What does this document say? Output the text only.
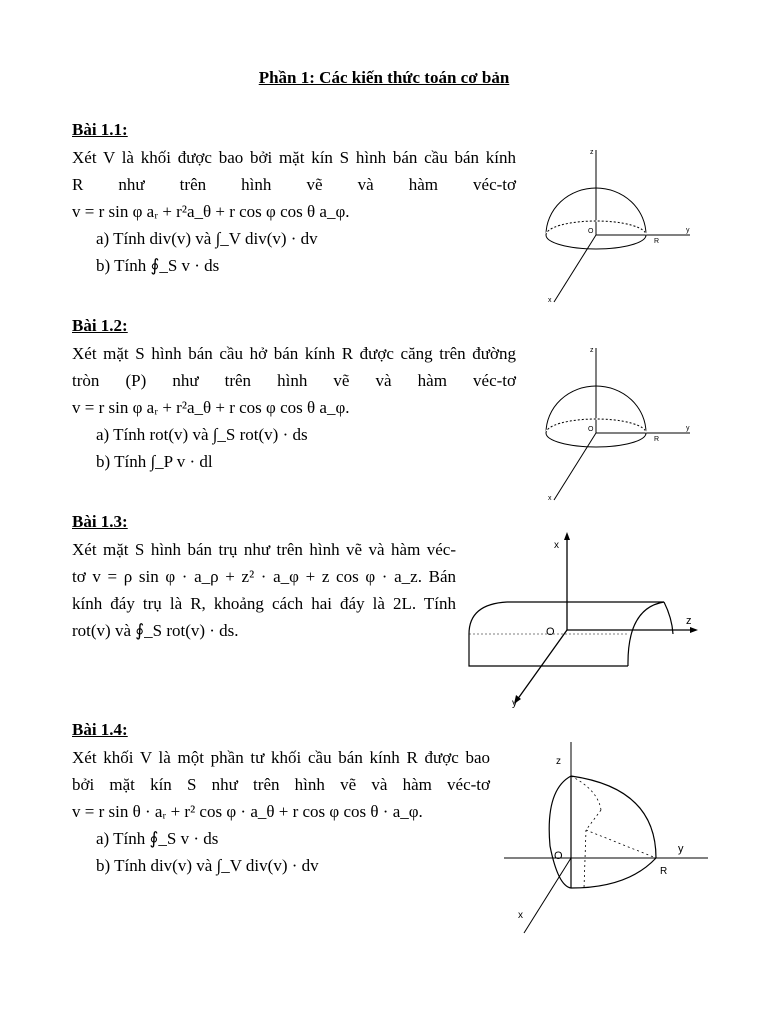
Phần 1: Các kiến thức toán cơ bản
Bài 1.1:
Xét V là khối được bao bởi mặt kín S hình bán cầu bán kính
R như trên hình vẽ và hàm véc-tơ
v = r sin φ aᵣ + r²a_θ + r cos φ cos θ a_φ.
a) Tính div(v) và ∫_V div(v) · dv
b) Tính ∮_S v · ds
z
y
x
O
R
Bài 1.2:
Xét mặt S hình bán cầu hở bán kính R được căng trên đường
tròn (P) như trên hình vẽ và hàm véc-tơ
v = r sin φ aᵣ + r²a_θ + r cos φ cos θ a_φ.
a) Tính rot(v) và ∫_S rot(v) · ds
b) Tính ∫_P v · dl
z
y
x
O
R
Bài 1.3:
Xét mặt S hình bán trụ như trên hình vẽ và hàm véc-
tơ v = ρ sin φ · a_ρ + z² · a_φ + z cos φ · a_z. Bán
kính đáy trụ là R, khoảng cách hai đáy là 2L. Tính
rot(v) và ∮_S rot(v) · ds.
x
z
y
O
Bài 1.4:
Xét khối V là một phần tư khối cầu bán kính R được bao
bởi mặt kín S như trên hình vẽ và hàm véc-tơ
v = r sin θ · aᵣ + r² cos φ · a_θ + r cos φ cos θ · a_φ.
a) Tính ∮_S v · ds
b) Tính div(v) và ∫_V div(v) · dv
z
y
x
O
R
